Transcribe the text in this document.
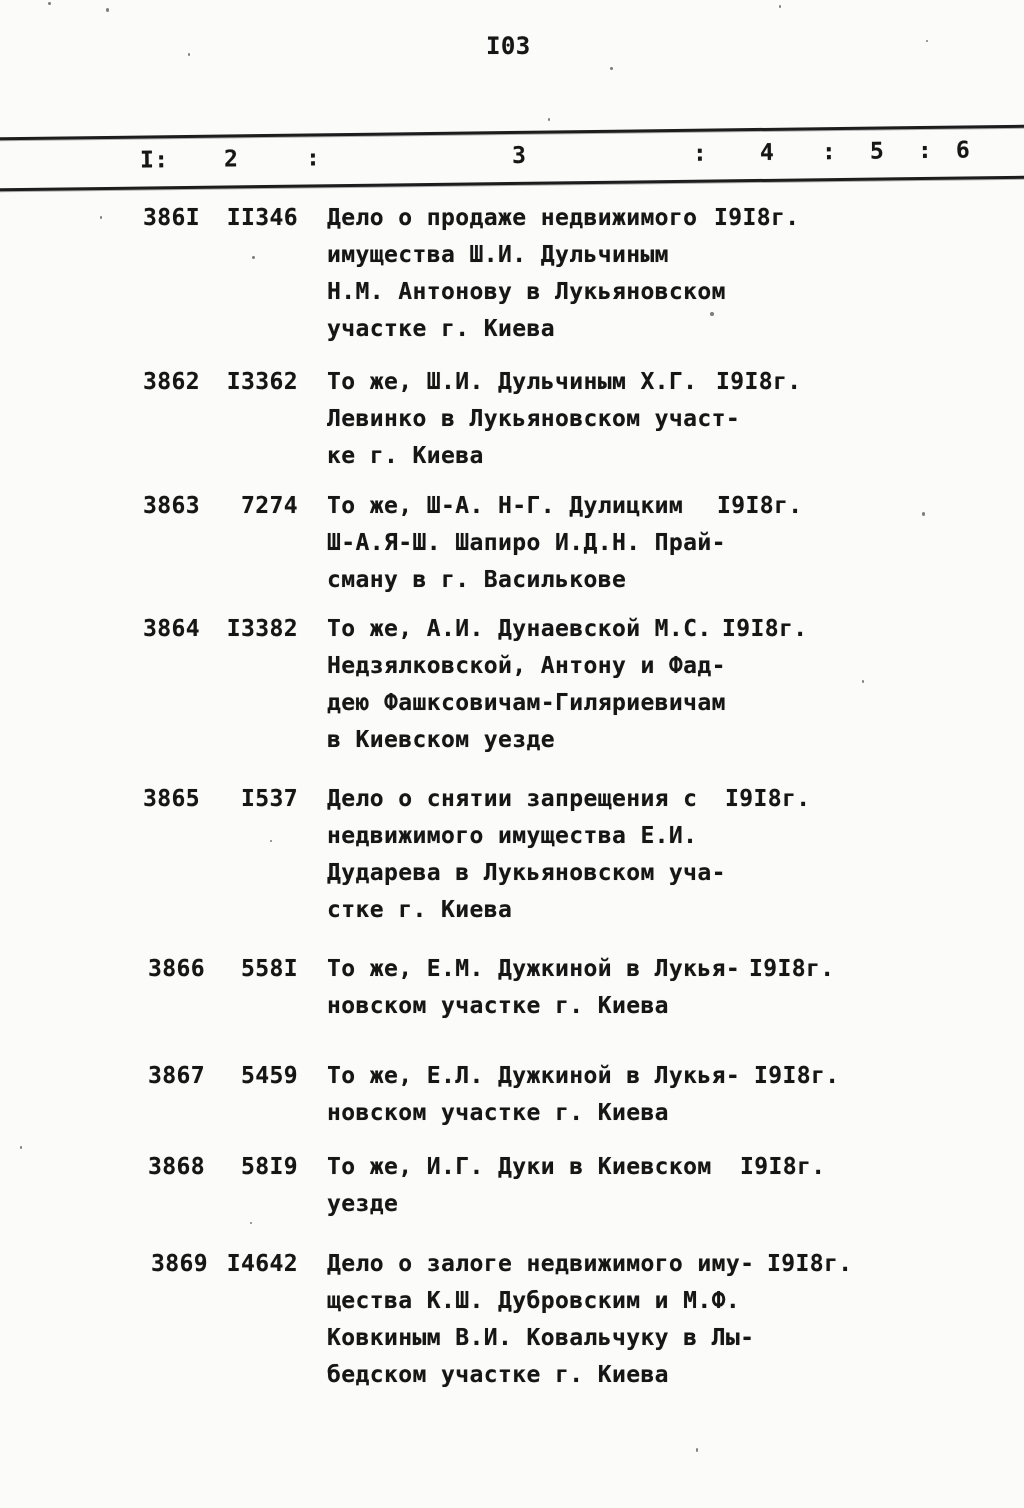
I03
I: 2	:	3	: 4 : 5 : 6
386I	II346 Дело о продаже недвижимого
имущества Ш.И. Дульчиным
Н.М. Антонову в Лукьяновском
участке г. Киева
I9I8г.
3862	I3362 То же, Ш.И. Дульчиным Х.Г.
Левинко в Лукьяновском участ-
ке г. Киева
I9I8г.
3863	7274 То же, Ш-А. Н-Г. Дулицким
Ш-А.Я-Ш. Шапиро И.Д.Н. Прай-
сману в г. Василькове
I9I8г.
3864	I3382 То же, А.И. Дунаевской М.С.
Недзялковской, Антону и Фад-
дею Фашксовичам-Гиляриевичам
в Киевском уезде
I9I8г.
3865	I537 Дело о снятии запрещения с
недвижимого имущества Е.И.
Дударева в Лукьяновском уча-
стке г. Киева
I9I8г.
3866	558I То же, Е.М. Дужкиной в Лукья-
новском участке г. Киева
I9I8г.
3867	5459 То же, Е.Л. Дужкиной в Лукья-
новском участке г. Киева
I9I8г.
3868	58I9 То же, И.Г. Дуки в Киевском
уезде
I9I8г.
3869 I4642 Дело о залоге недвижимого иму-
щества К.Ш. Дубровским и М.Ф.
Ковкиным В.И. Ковальчуку в Лы-
бедском участке г. Киева
I9I8г.
